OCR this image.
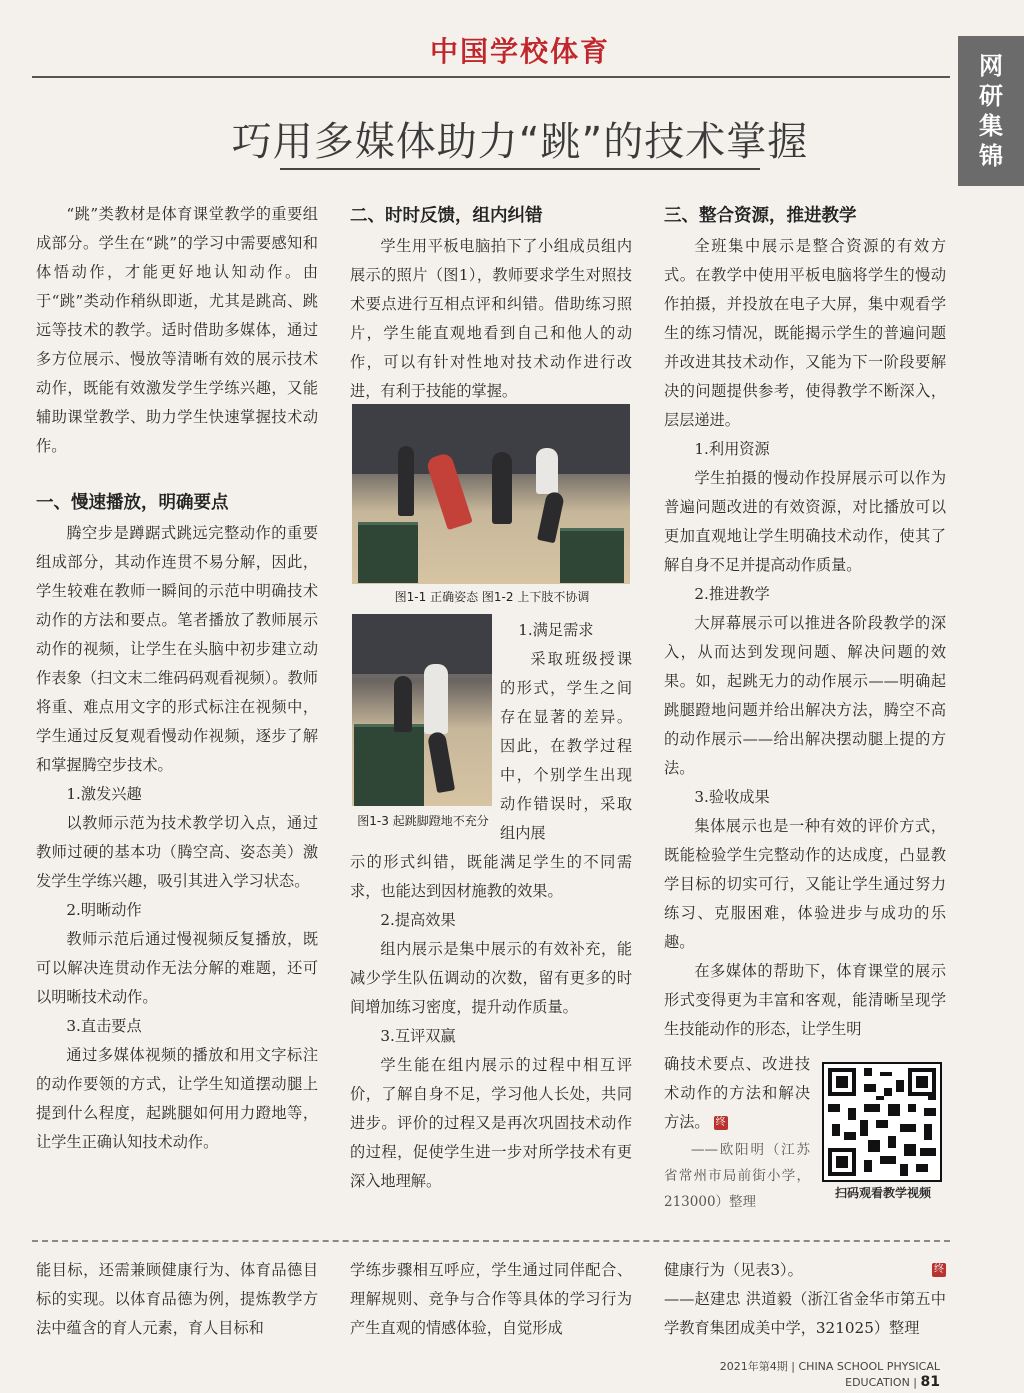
中国学校体育	网
研
集
锦
巧用多媒体助力“跳”的技术掌握

“跳”类教材是体育课堂教学的重要组成部分。学生在“跳”的学习中需要感知和体悟动作，才能更好地认知动作。由于“跳”类动作稍纵即逝，尤其是跳高、跳远等技术的教学。适时借助多媒体，通过多方位展示、慢放等清晰有效的展示技术动作，既能有效激发学生学练兴趣，又能辅助课堂教学、助力学生快速掌握技术动作。

一、慢速播放，明确要点

腾空步是蹲踞式跳远完整动作的重要组成部分，其动作连贯不易分解，因此，学生较难在教师一瞬间的示范中明确技术动作的方法和要点。笔者播放了教师展示动作的视频，让学生在头脑中初步建立动作表象（扫文末二维码码观看视频）。教师将重、难点用文字的形式标注在视频中，学生通过反复观看慢动作视频，逐步了解和掌握腾空步技术。

1.激发兴趣

以教师示范为技术教学切入点，通过教师过硬的基本功（腾空高、姿态美）激发学生学练兴趣，吸引其进入学习状态。

2.明晰动作

教师示范后通过慢视频反复播放，既可以解决连贯动作无法分解的难题，还可以明晰技术动作。

3.直击要点

通过多媒体视频的播放和用文字标注的动作要领的方式，让学生知道摆动腿上提到什么程度，起跳腿如何用力蹬地等，让学生正确认知技术动作。

二、时时反馈，组内纠错

学生用平板电脑拍下了小组成员组内展示的照片（图1），教师要求学生对照技术要点进行互相点评和纠错。借助练习照片，学生能直观地看到自己和他人的动作，可以有针对性地对技术动作进行改进，有利于技能的掌握。

图1-1 正确姿态 图1-2 上下肢不协调
图1-3 起跳脚蹬地不充分
1.满足需求

采取班级授课的形式，学生之间存在显著的差异。因此，在教学过程中，个别学生出现动作错误时，采取组内展

示的形式纠错，既能满足学生的不同需求，也能达到因材施教的效果。

2.提高效果

组内展示是集中展示的有效补充，能减少学生队伍调动的次数，留有更多的时间增加练习密度，提升动作质量。

3.互评双赢

学生能在组内展示的过程中相互评价，了解自身不足，学习他人长处，共同进步。评价的过程又是再次巩固技术动作的过程，促使学生进一步对所学技术有更深入地理解。

三、整合资源，推进教学

全班集中展示是整合资源的有效方式。在教学中使用平板电脑将学生的慢动作拍摄，并投放在电子大屏，集中观看学生的练习情况，既能揭示学生的普遍问题并改进其技术动作，又能为下一阶段要解决的问题提供参考，使得教学不断深入，层层递进。

1.利用资源

学生拍摄的慢动作投屏展示可以作为普遍问题改进的有效资源，对比播放可以更加直观地让学生明确技术动作，使其了解自身不足并提高动作质量。

2.推进教学

大屏幕展示可以推进各阶段教学的深入，从而达到发现问题、解决问题的效果。如，起跳无力的动作展示——明确起跳腿蹬地问题并给出解决方法，腾空不高的动作展示——给出解决摆动腿上提的方法。

3.验收成果

集体展示也是一种有效的评价方式，既能检验学生完整动作的达成度，凸显教学目标的切实可行，又能让学生通过努力练习、克服困难，体验进步与成功的乐趣。

在多媒体的帮助下，体育课堂的展示形式变得更为丰富和客观，能清晰呈现学生技能动作的形态，让学生明

确技术要点、改进技术动作的方法和解决方法。 终

——欧阳明（江苏省常州市局前街小学，213000）整理

扫码观看教学视频

能目标，还需兼顾健康行为、体育品德目标的实现。以体育品德为例，提炼教学方法中蕴含的育人元素，育人目标和

学练步骤相互呼应，学生通过同伴配合、理解规则、竞争与合作等具体的学习行为产生直观的情感体验，自觉形成

健康行为（见表3）。	终

——赵建忠 洪道毅（浙江省金华市第五中学教育集团成美中学，321025）整理

2021年第4期 | CHINA SCHOOL PHYSICAL EDUCATION | 81
